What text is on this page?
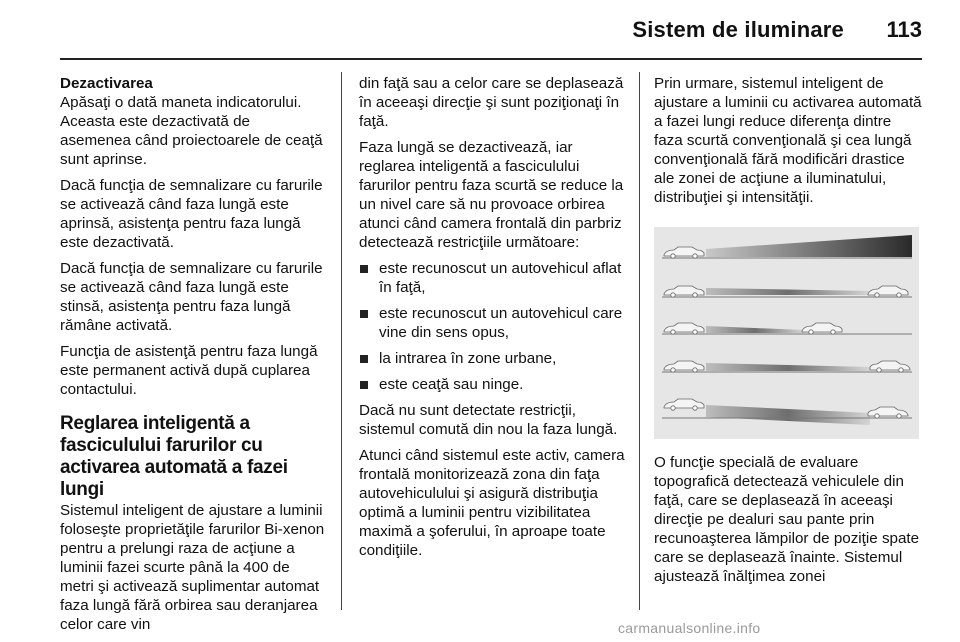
Sistem de iluminare 113
Dezactivarea

Apăsaţi o dată maneta indicatorului. Aceasta este dezactivată de asemenea când proiectoarele de ceaţă sunt aprinse.

Dacă funcţia de semnalizare cu farurile se activează când faza lungă este aprinsă, asistenţa pentru faza lungă este dezactivată.

Dacă funcţia de semnalizare cu farurile se activează când faza lungă este stinsă, asistenţa pentru faza lungă rămâne activată.

Funcţia de asistenţă pentru faza lungă este permanent activă după cuplarea contactului.

Reglarea inteligentă a fasciculului farurilor cu activarea automată a fazei lungi

Sistemul inteligent de ajustare a luminii foloseşte proprietăţile farurilor Bi-xenon pentru a prelungi raza de acţiune a luminii fazei scurte până la 400 de metri şi activează suplimentar automat faza lungă fără orbirea sau deranjarea celor care vin

din faţă sau a celor care se deplasează în aceeaşi direcţie şi sunt poziţionaţi în faţă.

Faza lungă se dezactivează, iar reglarea inteligentă a fasciculului farurilor pentru faza scurtă se reduce la un nivel care să nu provoace orbirea atunci când camera frontală din parbriz detectează restricţiile următoare:

este recunoscut un autovehicul aflat în faţă,
este recunoscut un autovehicul care vine din sens opus,
la intrarea în zone urbane,
este ceaţă sau ninge.

Dacă nu sunt detectate restricţii, sistemul comută din nou la faza lungă.

Atunci când sistemul este activ, camera frontală monitorizează zona din faţa autovehiculului şi asigură distribuţia optimă a luminii pentru vizibilitatea maximă a şoferului, în aproape toate condiţiile.

Prin urmare, sistemul inteligent de ajustare a luminii cu activarea automată a fazei lungi reduce diferenţa dintre faza scurtă convenţională şi cea lungă convenţională fără modificări drastice ale zonei de acţiune a iluminatului, distribuţiei şi intensităţii.

O funcţie specială de evaluare topografică detectează vehiculele din faţă, care se deplasează în aceeaşi direcţie pe dealuri sau pante prin recunoaşterea lămpilor de poziţie spate care se deplasează înainte. Sistemul ajustează înălţimea zonei

carmanualsonline.info
